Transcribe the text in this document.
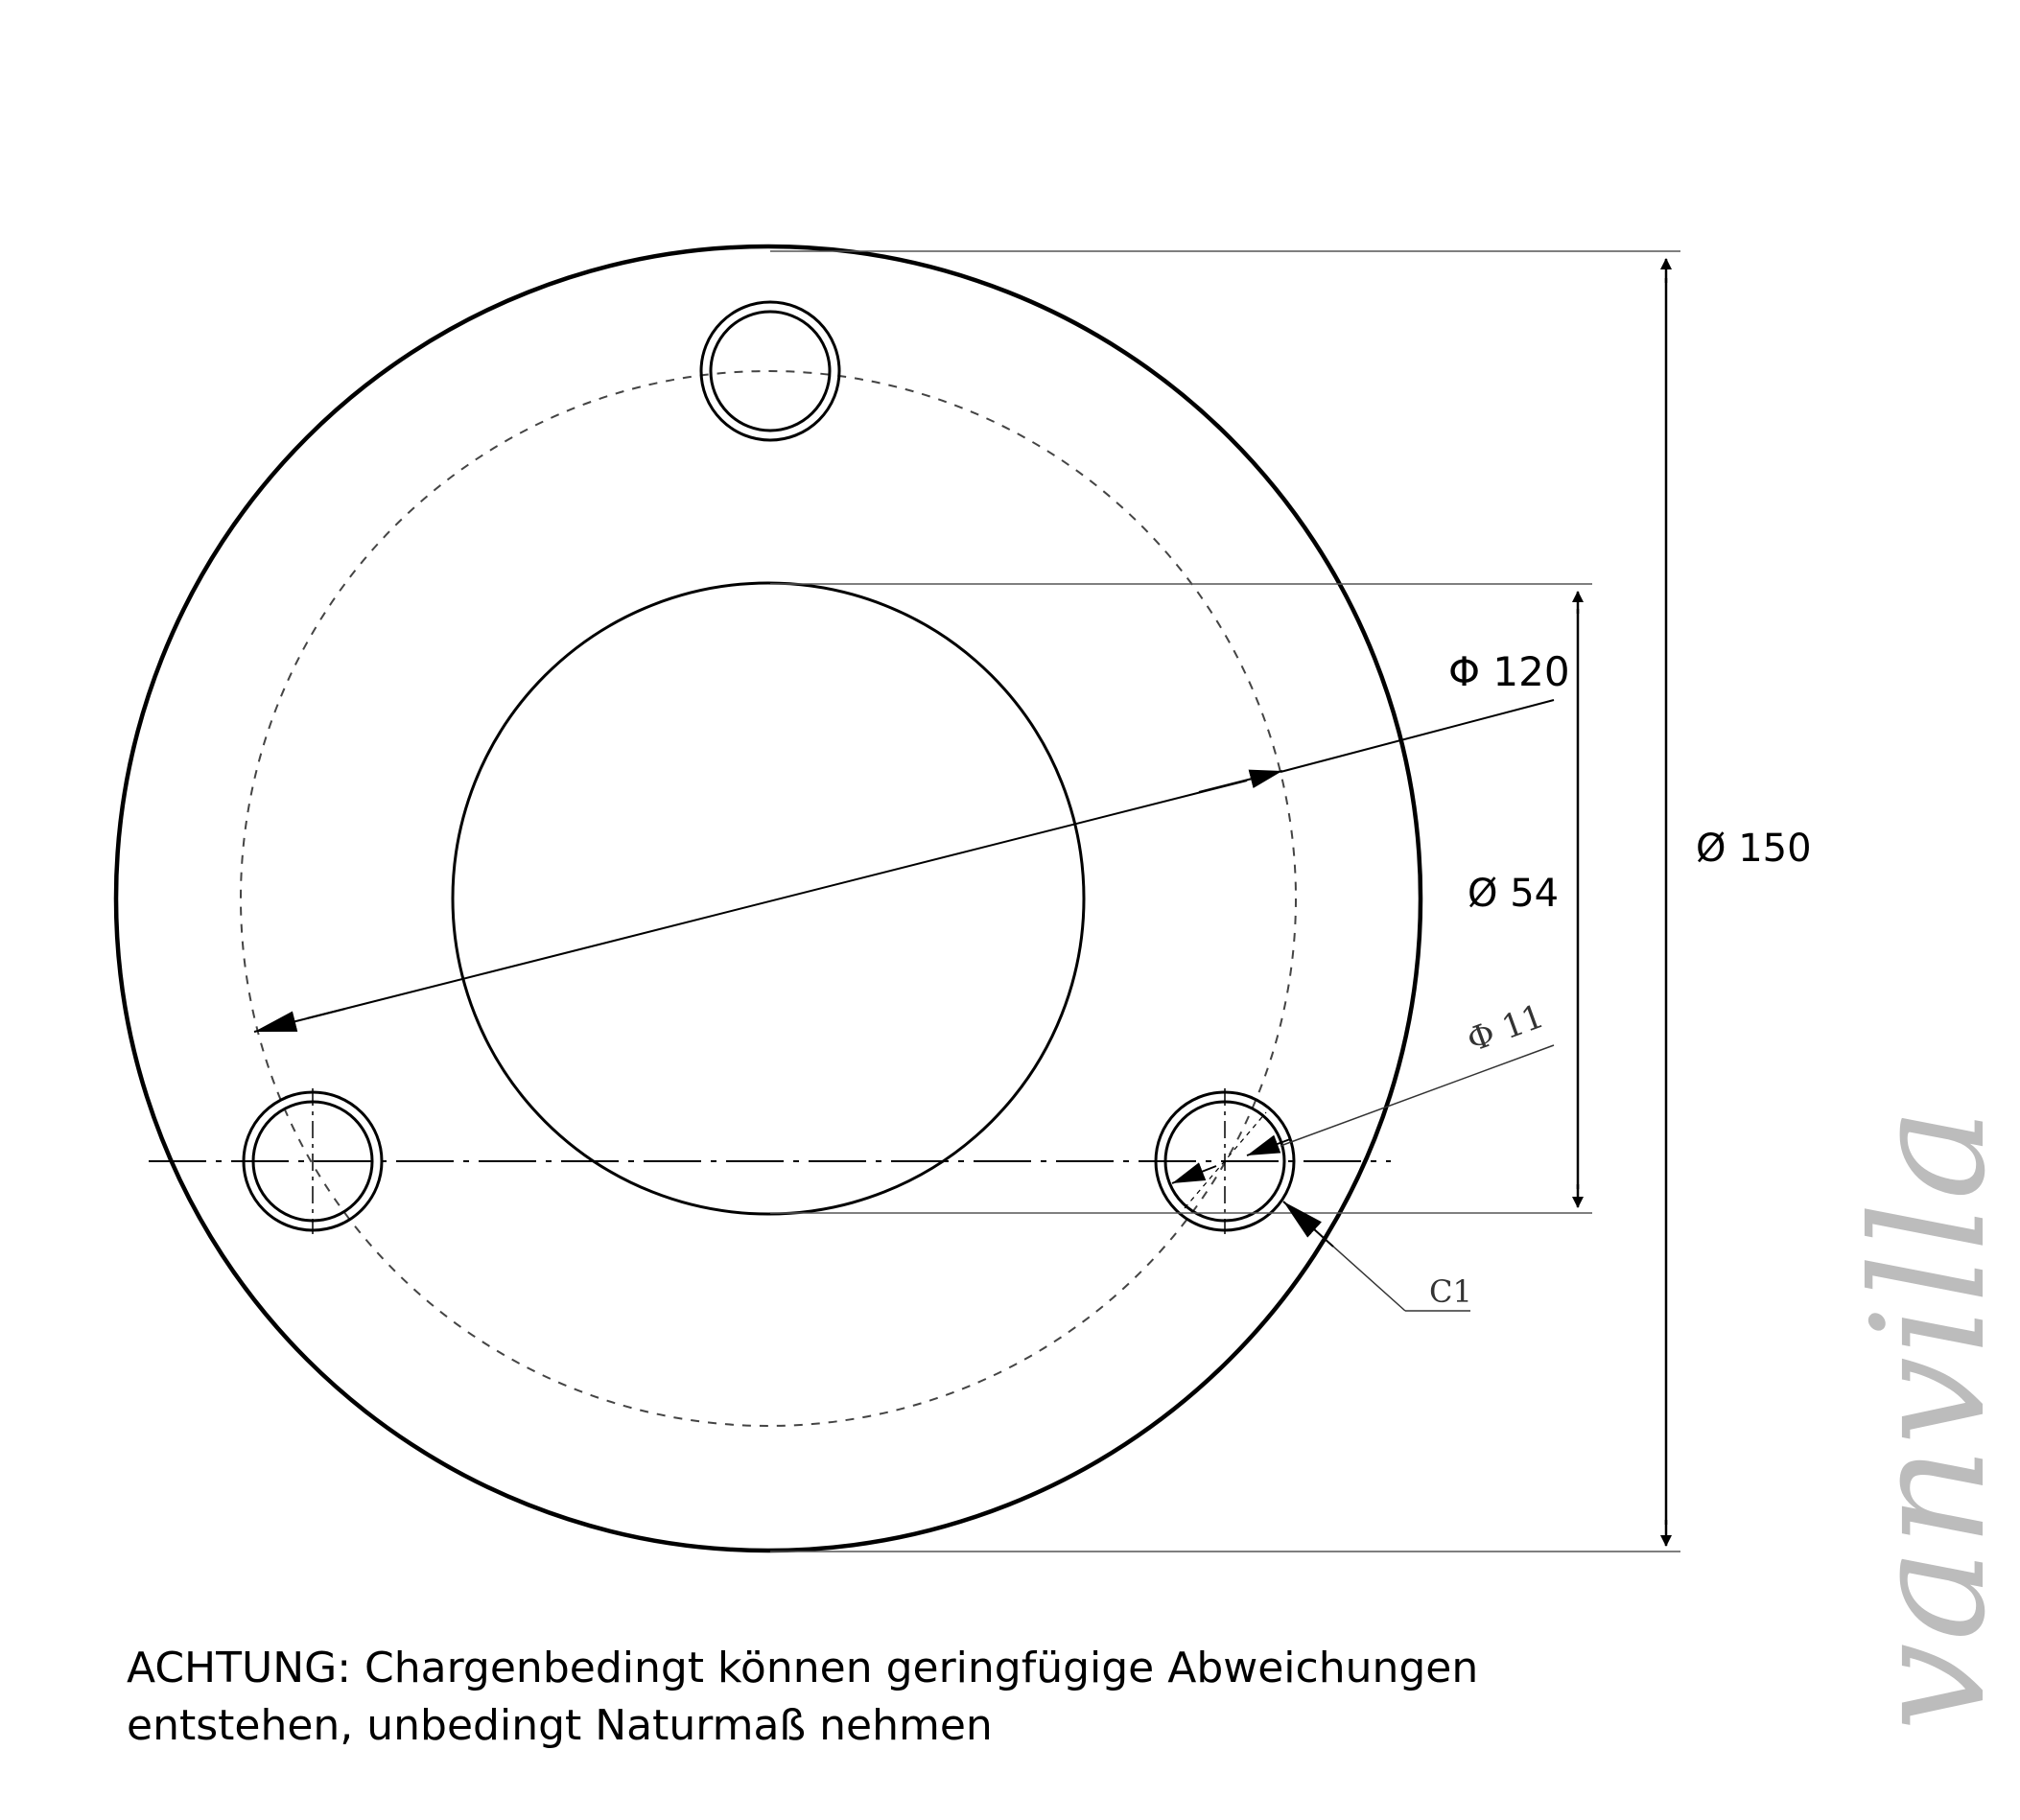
Ø 150
Ø 54
Φ 120
Φ 11
C1
ACHTUNG: Chargenbedingt können geringfügige Abweichungen
entstehen, unbedingt Naturmaß nehmen	vanvilla
